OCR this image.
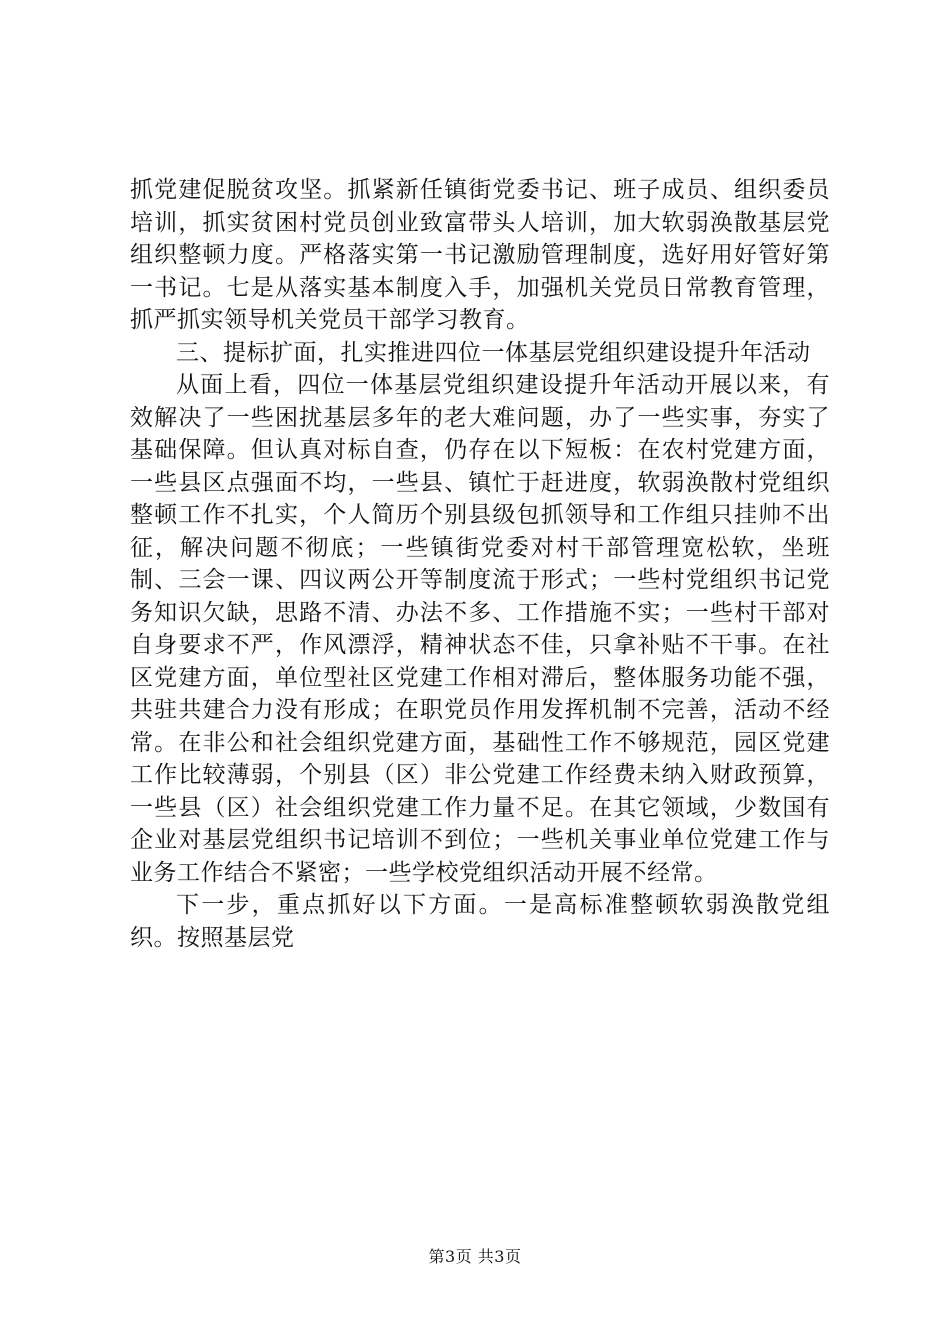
抓党建促脱贫攻坚。抓紧新任镇街党委书记、班子成员、组织委员培训，抓实贫困村党员创业致富带头人培训，加大软弱涣散基层党组织整顿力度。严格落实第一书记激励管理制度，选好用好管好第一书记。七是从落实基本制度入手，加强机关党员日常教育管理，抓严抓实领导机关党员干部学习教育。

三、提标扩面，扎实推进四位一体基层党组织建设提升年活动

从面上看，四位一体基层党组织建设提升年活动开展以来，有效解决了一些困扰基层多年的老大难问题，办了一些实事，夯实了基础保障。但认真对标自查，仍存在以下短板：在农村党建方面，一些县区点强面不均，一些县、镇忙于赶进度，软弱涣散村党组织整顿工作不扎实，个人简历个别县级包抓领导和工作组只挂帅不出征，解决问题不彻底；一些镇街党委对村干部管理宽松软，坐班制、三会一课、四议两公开等制度流于形式；一些村党组织书记党务知识欠缺，思路不清、办法不多、工作措施不实；一些村干部对自身要求不严，作风漂浮，精神状态不佳，只拿补贴不干事。在社区党建方面，单位型社区党建工作相对滞后，整体服务功能不强，共驻共建合力没有形成；在职党员作用发挥机制不完善，活动不经常。在非公和社会组织党建方面，基础性工作不够规范，园区党建工作比较薄弱，个别县（区）非公党建工作经费未纳入财政预算，一些县（区）社会组织党建工作力量不足。在其它领域，少数国有企业对基层党组织书记培训不到位；一些机关事业单位党建工作与业务工作结合不紧密；一些学校党组织活动开展不经常。

下一步，重点抓好以下方面。一是高标准整顿软弱涣散党组织。按照基层党

第3页 共3页
